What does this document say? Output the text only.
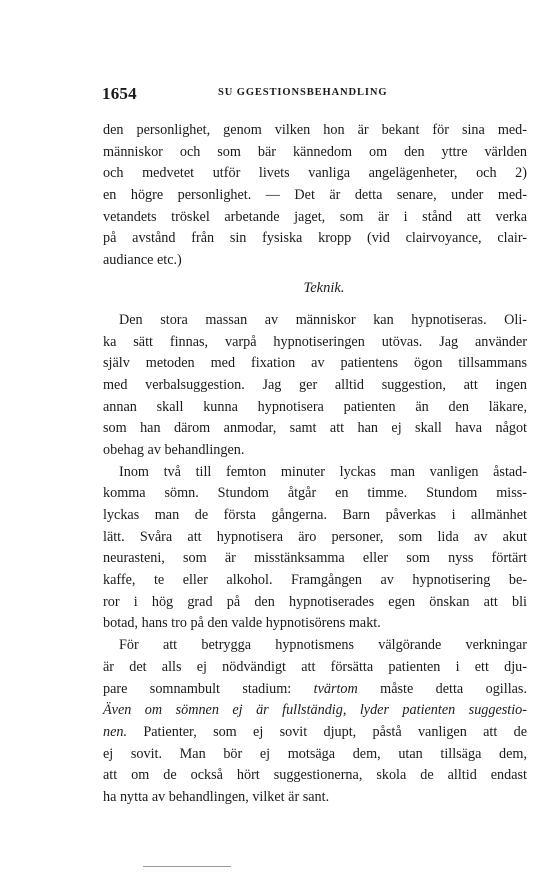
1654	SU GGESTIONSBEHANDLING
den personlighet, genom vilken hon är bekant för sina med-
människor och som bär kännedom om den yttre världen
och medvetet utför livets vanliga angelägenheter, och 2)
en högre personlighet. — Det är detta senare, under med-
vetandets tröskel arbetande jaget, som är i stånd att verka
på avstånd från sin fysiska kropp (vid clairvoyance, clair-
audiance etc.)
Teknik.
Den stora massan av människor kan hypnotiseras. Oli-
ka sätt finnas, varpå hypnotiseringen utövas. Jag använder
själv metoden med fixation av patientens ögon tillsammans
med verbalsuggestion. Jag ger alltid suggestion, att ingen
annan skall kunna hypnotisera patienten än den läkare,
som han därom anmodar, samt att han ej skall hava något
obehag av behandlingen.
Inom två till femton minuter lyckas man vanligen åstad-
komma sömn. Stundom åtgår en timme. Stundom miss-
lyckas man de första gångerna. Barn påverkas i allmänhet
lätt. Svåra att hypnotisera äro personer, som lida av akut
neurasteni, som är misstänksamma eller som nyss förtärt
kaffe, te eller alkohol. Framgången av hypnotisering be-
ror i hög grad på den hypnotiserades egen önskan att bli
botad, hans tro på den valde hypnotisörens makt.
För att betrygga hypnotismens välgörande verkningar
är det alls ej nödvändigt att försätta patienten i ett dju-
pare somnambult stadium: tvärtom måste detta ogillas.
Även om sömnen ej är fullständig, lyder patienten suggestio-
nen. Patienter, som ej sovit djupt, påstå vanligen att de
ej sovit. Man bör ej motsäga dem, utan tillsäga dem,
att om de också hört suggestionerna, skola de alltid endast
ha nytta av behandlingen, vilket är sant.
